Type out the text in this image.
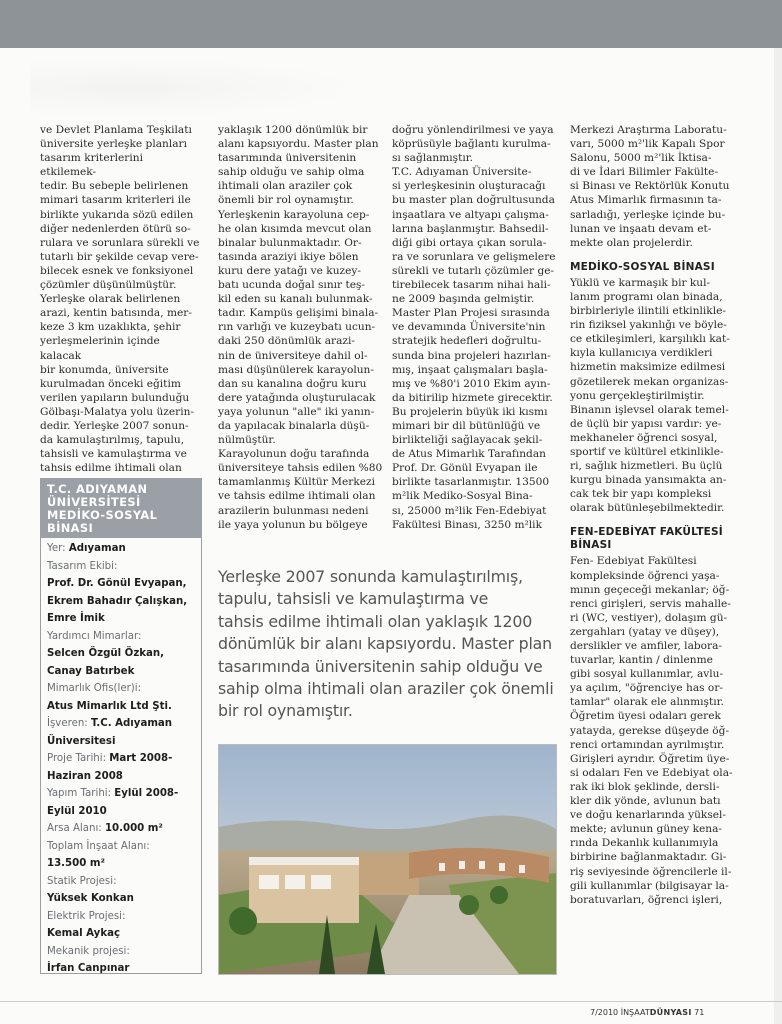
ve Devlet Planlama Teşkilatı
üniversite yerleşke planları
tasarım kriterlerini etkilemek-
tedir. Bu sebeple belirlenen
mimari tasarım kriterleri ile
birlikte yukarıda sözü edilen
diğer nedenlerden ötürü so-
rulara ve sorunlara sürekli ve
tutarlı bir şekilde cevap vere-
bilecek esnek ve fonksiyonel
çözümler düşünülmüştür.
Yerleşke olarak belirlenen
arazi, kentin batısında, mer-
keze 3 km uzaklıkta, şehir
yerleşmelerinin içinde kalacak
bir konumda, üniversite
kurulmadan önceki eğitim
verilen yapıların bulunduğu
Gölbaşı-Malatya yolu üzerin-
dedir. Yerleşke 2007 sonun-
da kamulaştırılmış, tapulu,
tahsisli ve kamulaştırma ve
tahsis edilme ihtimali olan

yaklaşık 1200 dönümlük bir
alanı kapsıyordu. Master plan
tasarımında üniversitenin
sahip olduğu ve sahip olma
ihtimali olan araziler çok
önemli bir rol oynamıştır.
Yerleşkenin karayoluna cep-
he olan kısımda mevcut olan
binalar bulunmaktadır. Or-
tasında araziyi ikiye bölen
kuru dere yatağı ve kuzey-
batı ucunda doğal sınır teş-
kil eden su kanalı bulunmak-
tadır. Kampüs gelişimi binala-
rın varlığı ve kuzeybatı ucun-
daki 250 dönümlük arazi-
nin de üniversiteye dahil ol-
ması düşünülerek karayolun-
dan su kanalına doğru kuru
dere yatağında oluşturulacak
yaya yolunun "alle" iki yanın-
da yapılacak binalarla düşü-
nülmüştür.
Karayolunun doğu tarafında
üniversiteye tahsis edilen %80
tamamlanmış Kültür Merkezi
ve tahsis edilme ihtimali olan
arazilerin bulunması nedeni
ile yaya yolunun bu bölgeye

doğru yönlendirilmesi ve yaya
köprüsüyle bağlantı kurulma-
sı sağlanmıştır.
T.C. Adıyaman Üniversite-
si yerleşkesinin oluşturacağı
bu master plan doğrultusunda
inşaatlara ve altyapı çalışma-
larına başlanmıştır. Bahsedil-
diği gibi ortaya çıkan sorula-
ra ve sorunlara ve gelişmelere
sürekli ve tutarlı çözümler ge-
tirebilecek tasarım nihai hali-
ne 2009 başında gelmiştir.
Master Plan Projesi sırasında
ve devamında Üniversite'nin
stratejik hedefleri doğrultu-
sunda bina projeleri hazırlan-
mış, inşaat çalışmaları başla-
mış ve %80'i 2010 Ekim ayın-
da bitirilip hizmete girecektir.
Bu projelerin büyük iki kısmı
mimari bir dil bütünlüğü ve
birlikteliği sağlayacak şekil-
de Atus Mimarlık Tarafından
Prof. Dr. Gönül Evyapan ile
birlikte tasarlanmıştır. 13500
m²lik Mediko-Sosyal Bina-
sı, 25000 m²lik Fen-Edebiyat
Fakültesi Binası, 3250 m²lik

Merkezi Araştırma Laboratu-
varı, 5000 m²'lik Kapalı Spor
Salonu, 5000 m²'lik İktisa-
di ve İdari Bilimler Fakülte-
si Binası ve Rektörlük Konutu
Atus Mimarlık firmasının ta-
sarladığı, yerleşke içinde bu-
lunan ve inşaatı devam et-
mekte olan projelerdir.

MEDİKO-SOSYAL BİNASI

Yüklü ve karmaşık bir kul-
lanım programı olan binada,
birbirleriyle ilintili etkinlikle-
rin fiziksel yakınlığı ve böyle-
ce etkileşimleri, karşılıklı kat-
kıyla kullanıcıya verdikleri
hizmetin maksimize edilmesi
gözetilerek mekan organizas-
yonu gerçekleştirilmiştir.
Binanın işlevsel olarak temel-
de üçlü bir yapısı vardır: ye-
mekhaneler öğrenci sosyal,
sportif ve kültürel etkinlikle-
ri, sağlık hizmetleri. Bu üçlü
kurgu binada yansımakta an-
cak tek bir yapı kompleksi
olarak bütünleşebilmektedir.

FEN-EDEBİYAT FAKÜLTESİ
BİNASI

Fen- Edebiyat Fakültesi
kompleksinde öğrenci yaşa-
mının geçeceği mekanlar; öğ-
renci girişleri, servis mahalle-
ri (WC, vestiyer), dolaşım gü-
zergahları (yatay ve düşey),
derslikler ve amfiler, labora-
tuvarlar, kantin / dinlenme
gibi sosyal kullanımlar, avlu-
ya açılım, "öğrenciye has or-
tamlar" olarak ele alınmıştır.
Öğretim üyesi odaları gerek
yatayda, gerekse düşeyde öğ-
renci ortamından ayrılmıştır.
Girişleri ayrıdır. Öğretim üye-
si odaları Fen ve Edebiyat ola-
rak iki blok şeklinde, dersli-
kler dik yönde, avlunun batı
ve doğu kenarlarında yüksel-
mekte; avlunun güney kena-
rında Dekanlık kullanımıyla
birbirine bağlanmaktadır. Gi-
riş seviyesinde öğrencilerle il-
gili kullanımlar (bilgisayar la-
boratuvarları, öğrenci işleri,

T.C. ADIYAMAN
ÜNİVERSİTESİ
MEDİKO-SOSYAL
BİNASI
Yer: Adıyaman
Tasarım Ekibi:
Prof. Dr. Gönül Evyapan,
Ekrem Bahadır Çalışkan,
Emre İmik
Yardımcı Mimarlar:
Selcen Özgül Özkan,
Canay Batırbek
Mimarlık Ofis(ler)i:
Atus Mimarlık Ltd Şti.
İşveren: T.C. Adıyaman
Üniversitesi
Proje Tarihi: Mart 2008-
Haziran 2008
Yapım Tarihi: Eylül 2008-
Eylül 2010
Arsa Alanı: 10.000 m²
Toplam İnşaat Alanı:
13.500 m²
Statik Projesi:
Yüksek Konkan
Elektrik Projesi:
Kemal Aykaç
Mekanik projesi:
İrfan Canpınar
Yerleşke 2007 sonunda kamulaştırılmış,
tapulu, tahsisli ve kamulaştırma ve
tahsis edilme ihtimali olan yaklaşık 1200
dönümlük bir alanı kapsıyordu. Master plan
tasarımında üniversitenin sahip olduğu ve
sahip olma ihtimali olan araziler çok önemli
bir rol oynamıştır.
7/2010 İNŞAATDÜNYASI 71
